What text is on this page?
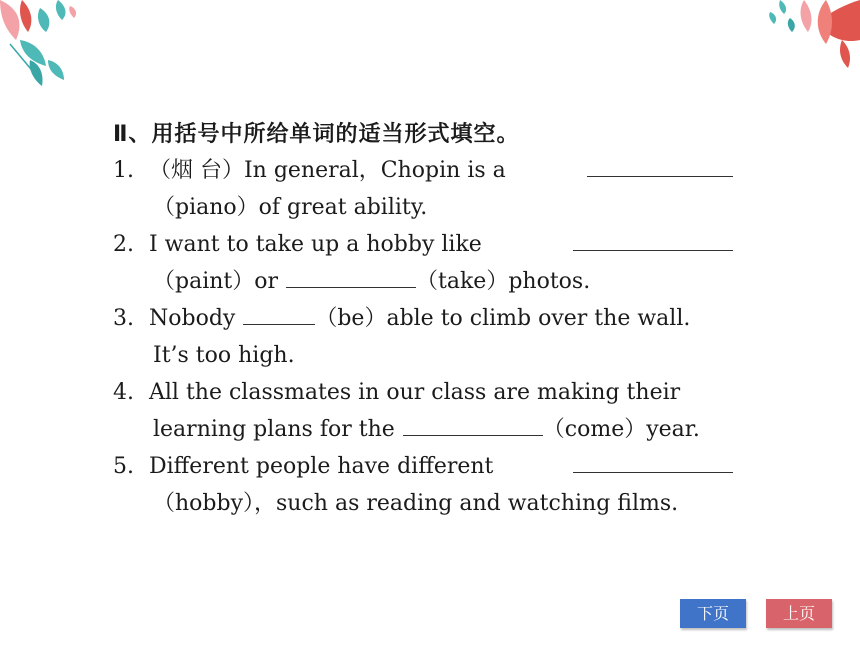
Ⅱ、用括号中所给单词的适当形式填空。
1. （烟 台）In general，Chopin is a
（piano）of great ability.
2. I want to take up a hobby like
（paint）or	（take）photos.
3. Nobody	（be）able to climb over the wall.
It’s too high.
4. All the classmates in our class are making their
learning plans for the	（come）year.
5. Different people have different
（hobby），such as reading and watching films.
下页	上页
